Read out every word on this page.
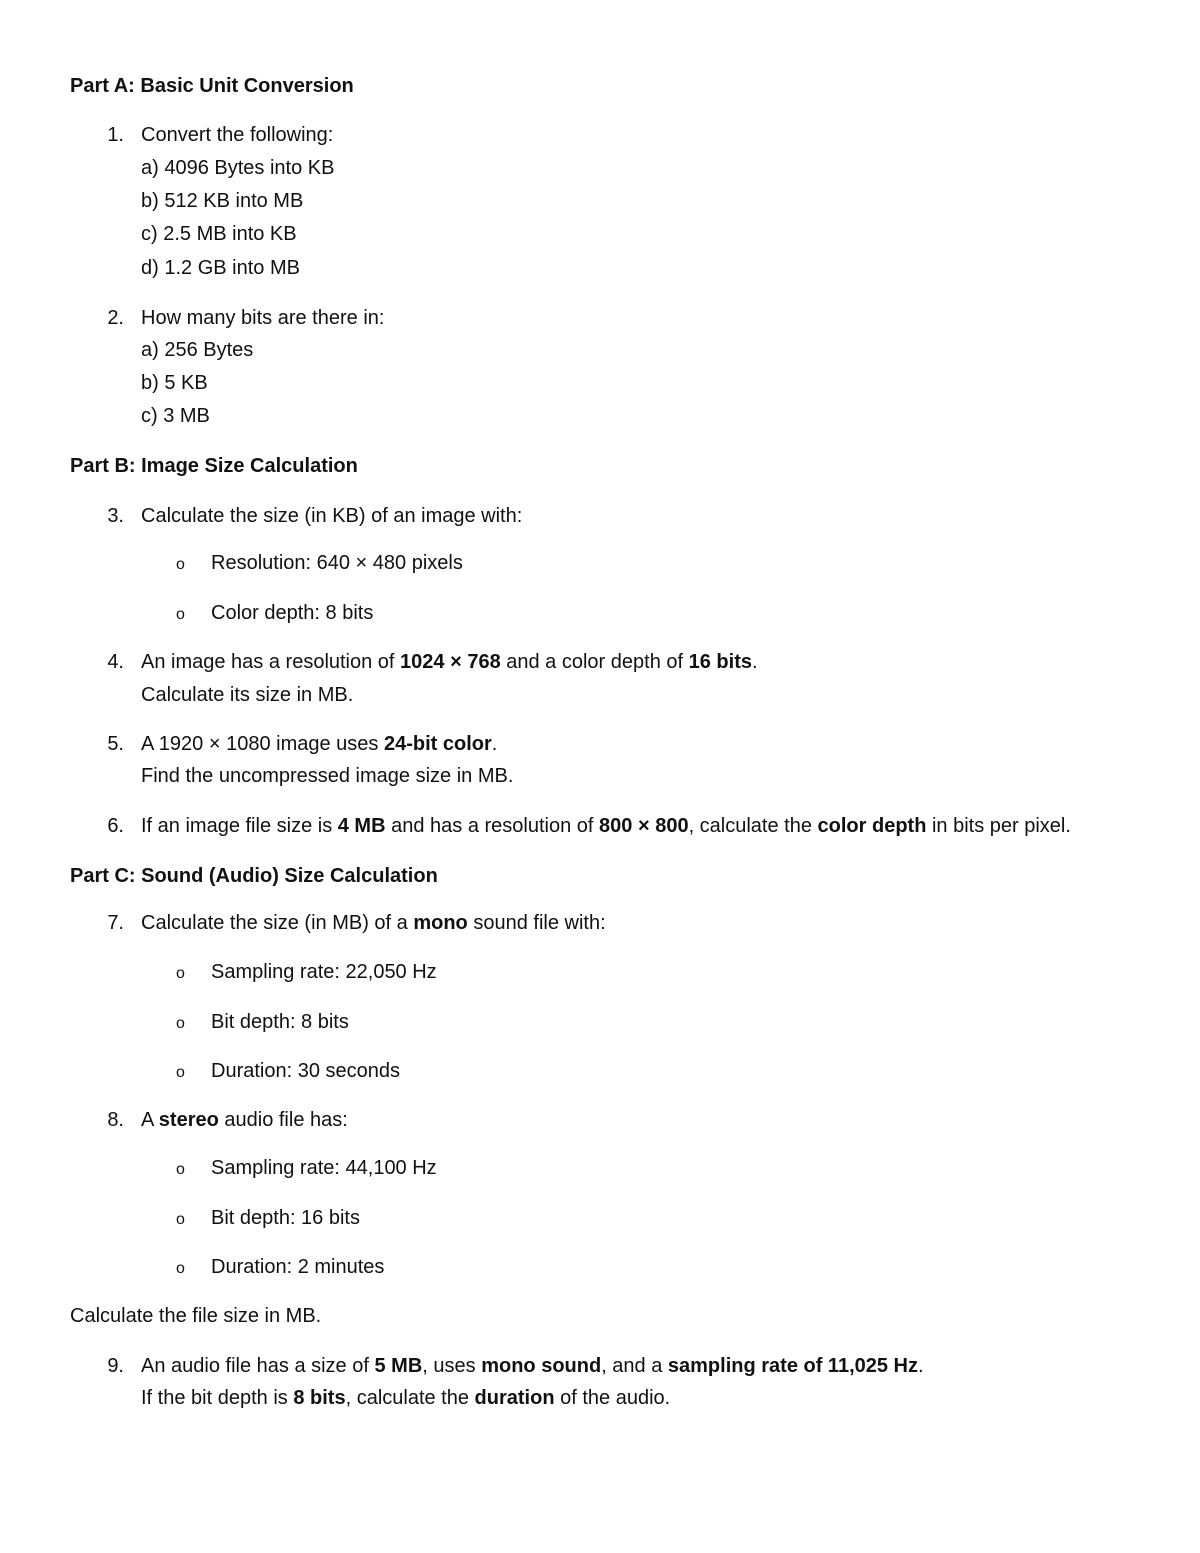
Part A: Basic Unit Conversion
1. Convert the following:
a) 4096 Bytes into KB
b) 512 KB into MB
c) 2.5 MB into KB
d) 1.2 GB into MB
2. How many bits are there in:
a) 256 Bytes
b) 5 KB
c) 3 MB
Part B: Image Size Calculation
3. Calculate the size (in KB) of an image with:
o Resolution: 640 × 480 pixels
o Color depth: 8 bits
4. An image has a resolution of 1024 × 768 and a color depth of 16 bits.
Calculate its size in MB.
5. A 1920 × 1080 image uses 24-bit color.
Find the uncompressed image size in MB.
6. If an image file size is 4 MB and has a resolution of 800 × 800, calculate the color depth in bits per pixel.
Part C: Sound (Audio) Size Calculation
7. Calculate the size (in MB) of a mono sound file with:
o Sampling rate: 22,050 Hz
o Bit depth: 8 bits
o Duration: 30 seconds
8. A stereo audio file has:
o Sampling rate: 44,100 Hz
o Bit depth: 16 bits
o Duration: 2 minutes
Calculate the file size in MB.
9. An audio file has a size of 5 MB, uses mono sound, and a sampling rate of 11,025 Hz.
If the bit depth is 8 bits, calculate the duration of the audio.
